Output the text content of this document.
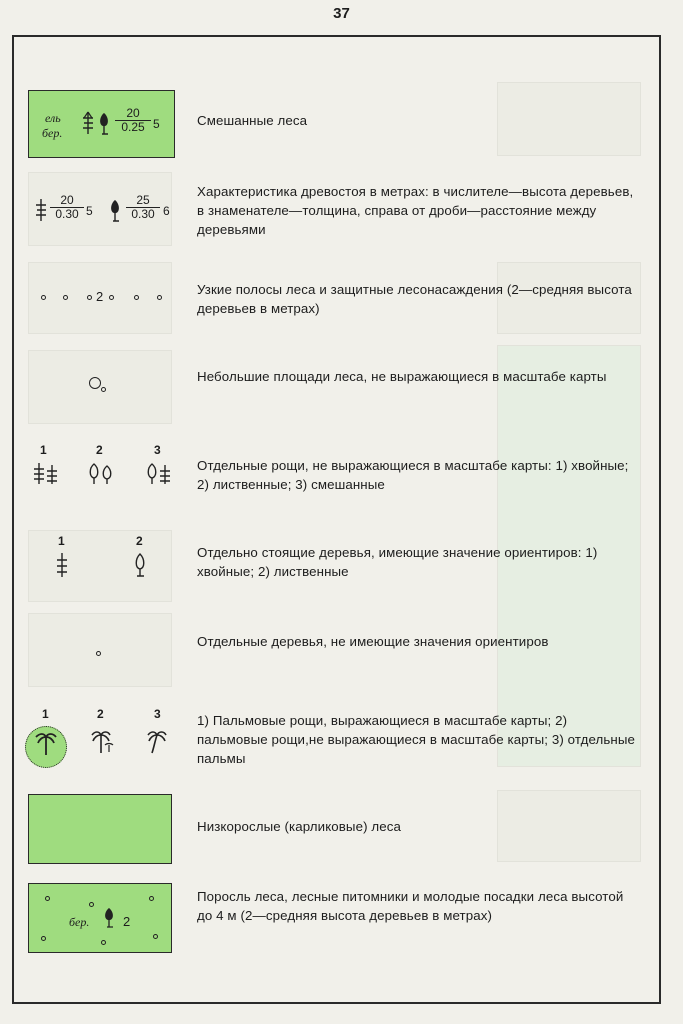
37
ель
бер.	$\frac{20}{0.25} 5$	Смешанные леса
$\frac{20}{0.30} 5$	$\frac{25}{0.30} 6$
Характеристика древостоя в метрах: в числителе—высота деревьев, в знаменателе—толщина, справа от дроби—расстояние между деревьями
2	Узкие полосы леса и защитные лесонасаждения (2—средняя высота деревьев в метрах)
Небольшие площади леса, не выражающиеся в масштабе карты
1	2	3
Отдельные рощи, не выражающиеся в масштабе карты: 1) хвойные; 2) лиственные; 3) смешанные
1	2
Отдельно стоящие деревья, имеющие значение ориентиров: 1) хвойные; 2) лиственные
Отдельные деревья, не имеющие значения ориентиров
1	2	3	1) Пальмовые рощи, выражающиеся в масштабе карты; 2) пальмовые рощи,не выражающиеся в масштабе карты; 3) отдельные пальмы
Низкорослые (карликовые) леса
бер.	2
Поросль леса, лесные питомники и молодые посадки леса высотой до 4 м (2—средняя высота деревьев в метрах)
